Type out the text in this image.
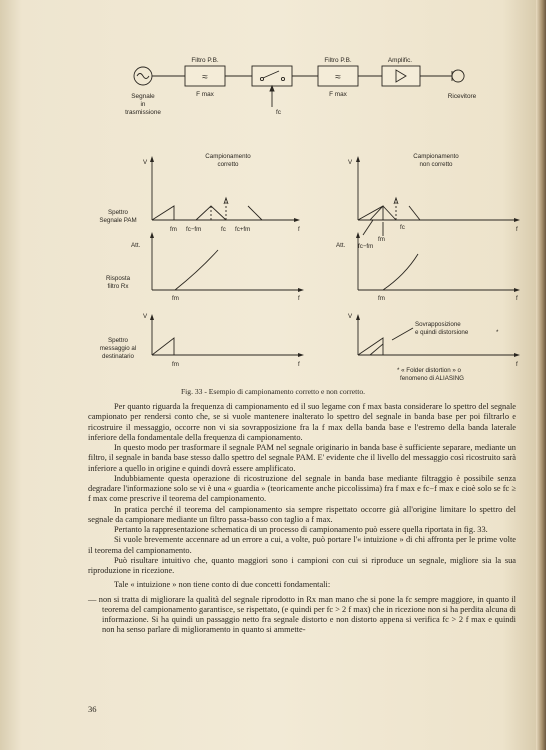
Filtro P.B.
≈
F max
Filtro P.B.
≈
F max
Amplific.
Segnale
in
trasmissione
Ricevitore
fc
Campionamento
corretto
Campionamento
non corretto
Spettro
Segnale PAM
Risposta
filtro Rx
Spettro
messaggio al
destinatario
V
Att.
V
V
Att.
V
f
f
f
f
f
f
fm fc−fm	fc fc+fm
fm
fm
fc
fm
fc−fm
fm
Sovrapposizione
e quindi distorsione	*
* « Folder distortion » o
fenomeno di ALIASING
Fig. 33 - Esempio di campionamento corretto e non corretto.

Per quanto riguarda la frequenza di campionamento ed il suo legame con f max basta considerare lo spettro del segnale campionato per rendersi conto che, se si vuole mantenere inalterato lo spettro del segnale in banda base per poi filtrarlo e ricostruire il messaggio, occorre non vi sia sovrapposizione fra la f max della banda base e l'estremo della banda laterale inferiore della fondamentale della frequenza di campionamento.

In questo modo per trasformare il segnale PAM nel segnale originario in banda base è sufficiente separare, mediante un filtro, il segnale in banda base stesso dallo spettro del segnale PAM. E' evidente che il livello del messaggio così ricostruito sarà inferiore a quello in origine e quindi dovrà essere amplificato.

Indubbiamente questa operazione di ricostruzione del segnale in banda base mediante filtraggio è possibile senza degradare l'informazione solo se vi è una « guardia » (teoricamente anche piccolissima) fra f max e fc−f max e cioè solo se fc ≥ f max come prescrive il teorema del campionamento.

In pratica perché il teorema del campionamento sia sempre rispettato occorre già all'origine limitare lo spettro del segnale da campionare mediante un filtro passa-basso con taglio a f max.

Pertanto la rappresentazione schematica di un processo di campionamento può essere quella riportata in fig. 33.

Si vuole brevemente accennare ad un errore a cui, a volte, può portare l'« intuizione » di chi affronta per le prime volte il teorema del campionamento.

Può risultare intuitivo che, quanto maggiori sono i campioni con cui si riproduce un segnale, migliore sia la sua riproduzione in ricezione.

Tale « intuizione » non tiene conto di due concetti fondamentali:

— non si tratta di migliorare la qualità del segnale riprodotto in Rx man mano che si pone la fc sempre maggiore, in quanto il teorema del campionamento garantisce, se rispettato, (e quindi per fc > 2 f max) che in ricezione non si ha perdita alcuna di informazione. Si ha quindi un passaggio netto fra segnale distorto e non distorto appena si verifica fc > 2 f max e quindi non ha senso parlare di miglioramento in quanto si ammette-

36
